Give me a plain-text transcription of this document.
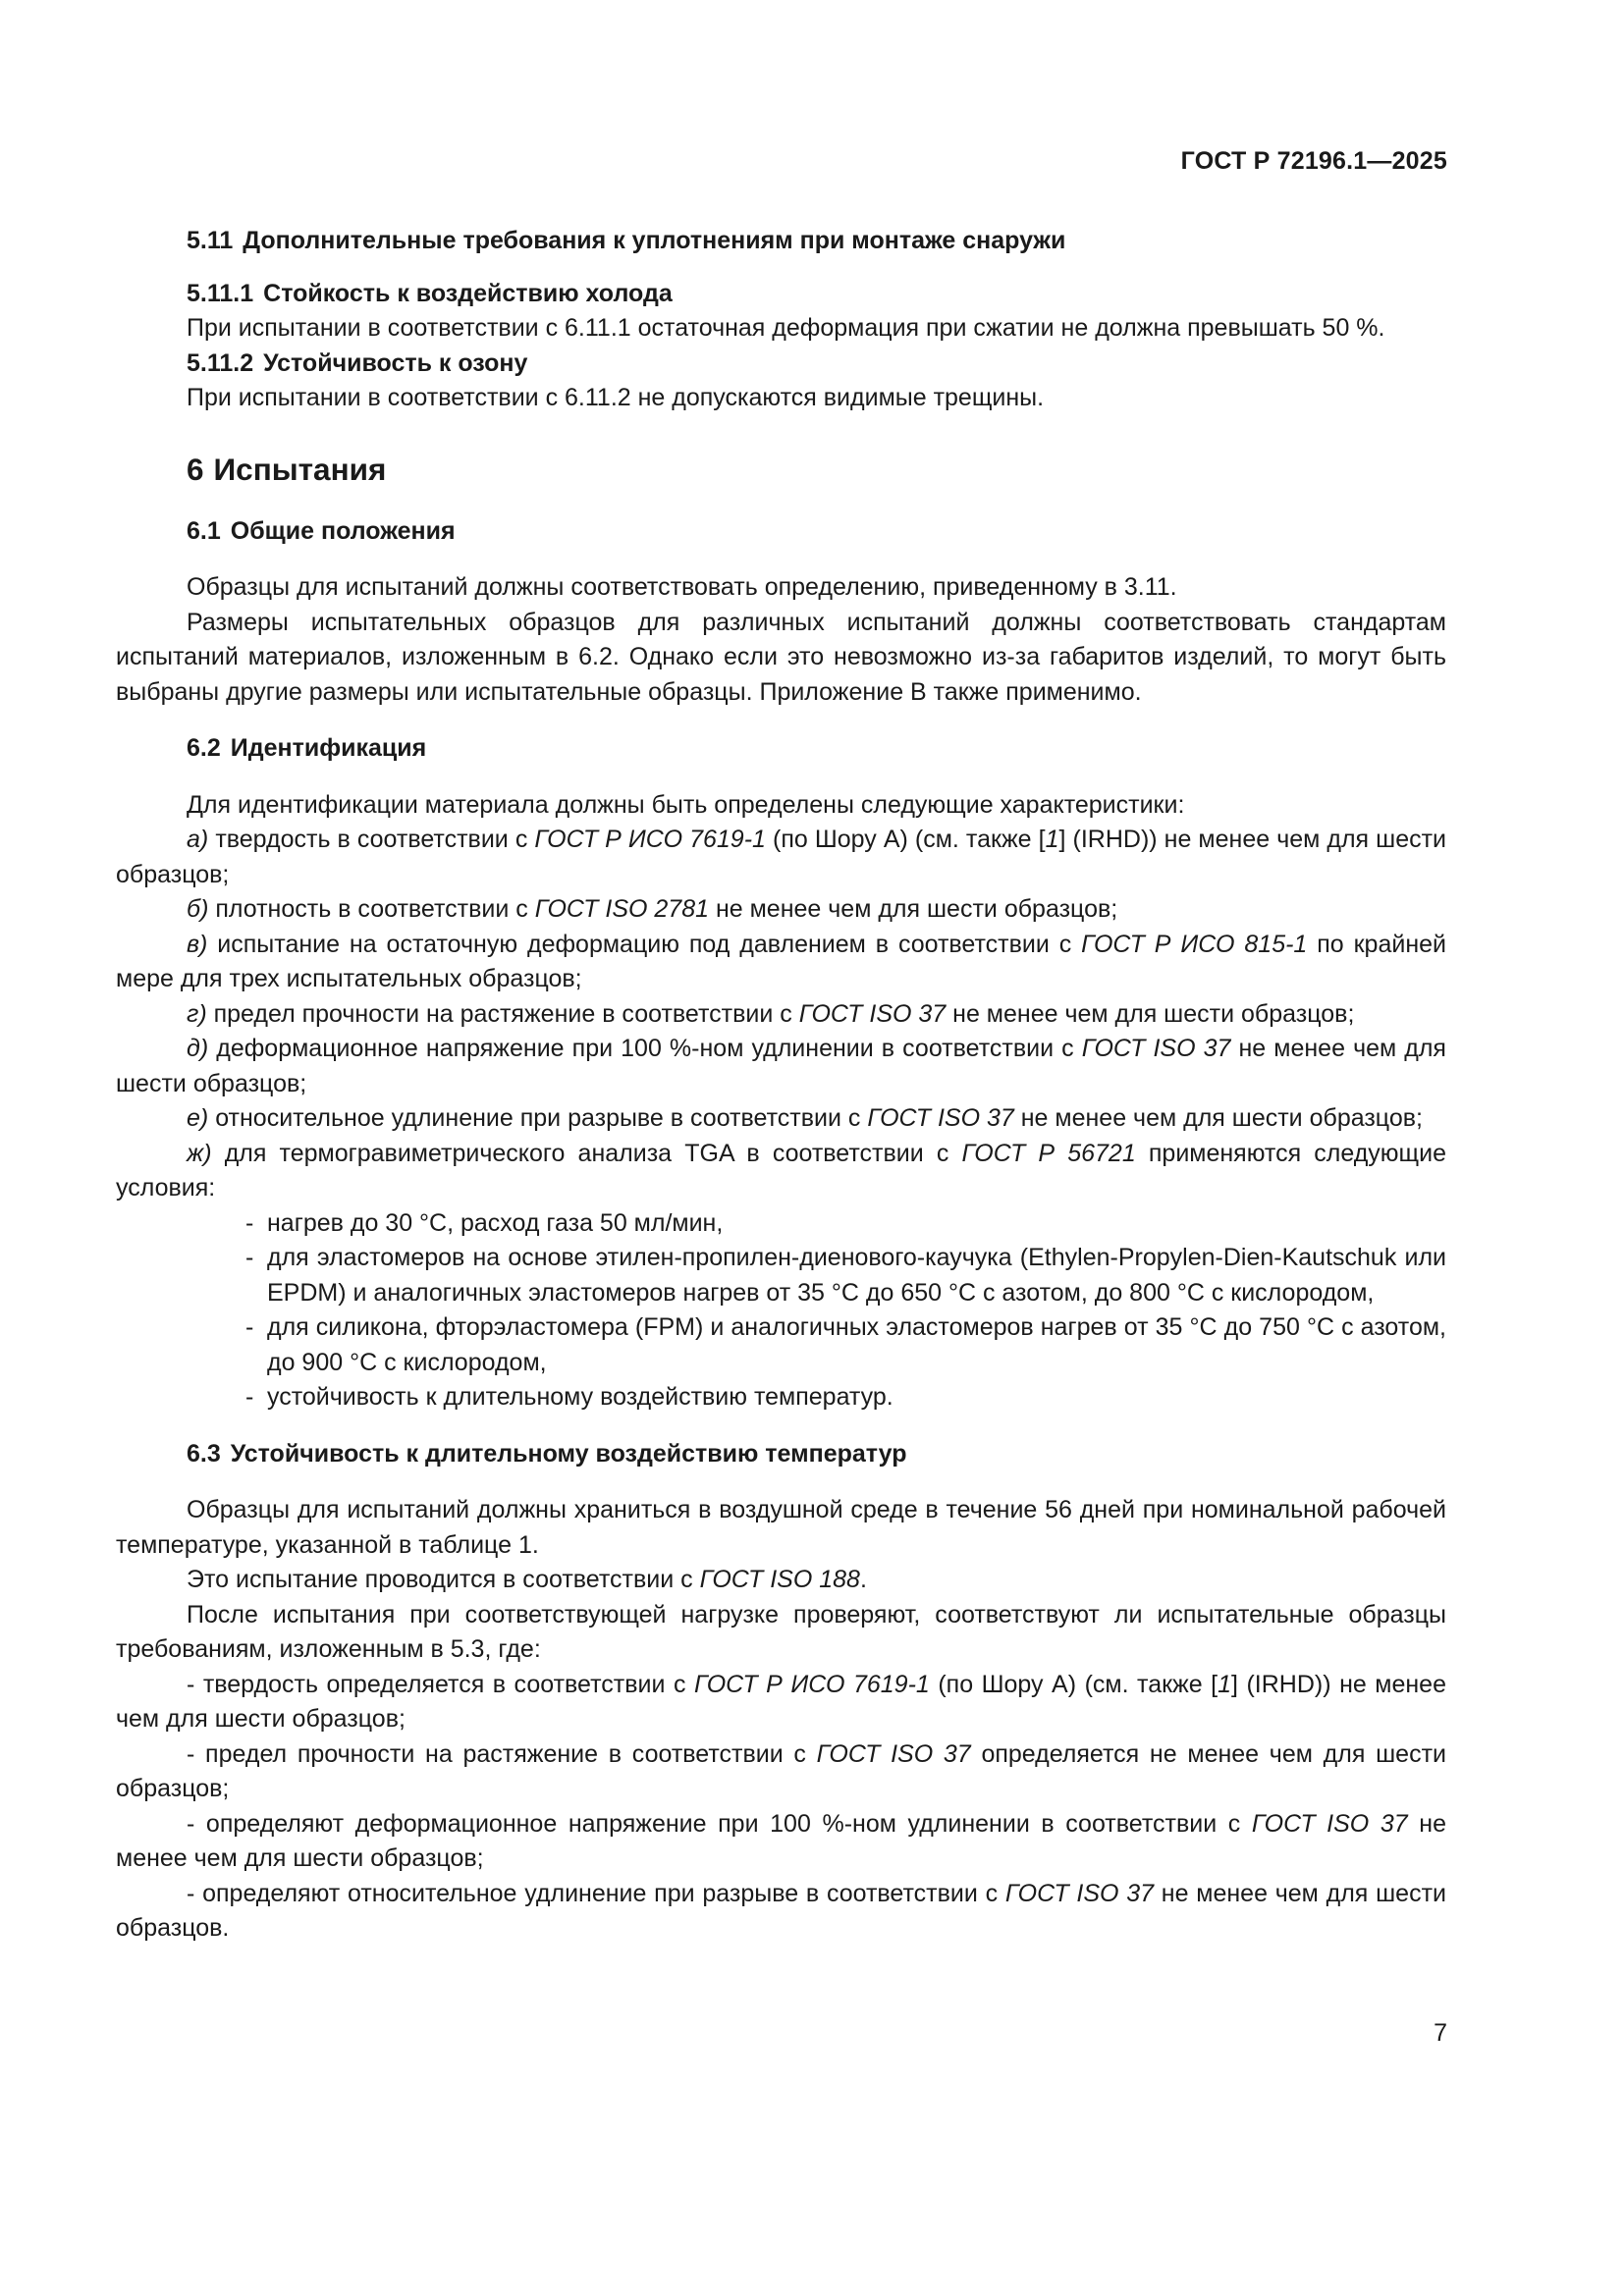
ГОСТ Р 72196.1—2025

5.11 Дополнительные требования к уплотнениям при монтаже снаружи

5.11.1 Стойкость к воздействию холода

При испытании в соответствии с 6.11.1 остаточная деформация при сжатии не должна превышать 50 %.

5.11.2 Устойчивость к озону

При испытании в соответствии с 6.11.2 не допускаются видимые трещины.

6 Испытания

6.1 Общие положения

Образцы для испытаний должны соответствовать определению, приведенному в 3.11.

Размеры испытательных образцов для различных испытаний должны соответствовать стандартам испытаний материалов, изложенным в 6.2. Однако если это невозможно из-за габаритов изделий, то могут быть выбраны другие размеры или испытательные образцы. Приложение В также применимо.

6.2 Идентификация

Для идентификации материала должны быть определены следующие характеристики:

а) твердость в соответствии с ГОСТ Р ИСО 7619-1 (по Шору А) (см. также [1] (IRHD)) не менее чем для шести образцов;

б) плотность в соответствии с ГОСТ ISO 2781 не менее чем для шести образцов;

в) испытание на остаточную деформацию под давлением в соответствии с ГОСТ Р ИСО 815-1 по крайней мере для трех испытательных образцов;

г) предел прочности на растяжение в соответствии с ГОСТ ISO 37 не менее чем для шести образцов;

д) деформационное напряжение при 100 %-ном удлинении в соответствии с ГОСТ ISO 37 не менее чем для шести образцов;

е) относительное удлинение при разрыве в соответствии с ГОСТ ISO 37 не менее чем для шести образцов;

ж) для термогравиметрического анализа TGA в соответствии с ГОСТ Р 56721 применяются следующие условия:

- нагрев до 30 °С, расход газа 50 мл/мин,

- для эластомеров на основе этилен-пропилен-диенового-каучука (Ethylen-Propylen-Dien-Kautschuk или EPDM) и аналогичных эластомеров нагрев от 35 °С до 650 °С с азотом, до 800 °С с кислородом,

- для силикона, фторэластомера (FPM) и аналогичных эластомеров нагрев от 35 °С до 750 °С с азотом, до 900 °С с кислородом,

- устойчивость к длительному воздействию температур.

6.3 Устойчивость к длительному воздействию температур

Образцы для испытаний должны храниться в воздушной среде в течение 56 дней при номинальной рабочей температуре, указанной в таблице 1.

Это испытание проводится в соответствии с ГОСТ ISO 188.

После испытания при соответствующей нагрузке проверяют, соответствуют ли испытательные образцы требованиям, изложенным в 5.3, где:

- твердость определяется в соответствии с ГОСТ Р ИСО 7619-1 (по Шору А) (см. также [1] (IRHD)) не менее чем для шести образцов;

- предел прочности на растяжение в соответствии с ГОСТ ISO 37 определяется не менее чем для шести образцов;

- определяют деформационное напряжение при 100 %-ном удлинении в соответствии с ГОСТ ISO 37 не менее чем для шести образцов;

- определяют относительное удлинение при разрыве в соответствии с ГОСТ ISO 37 не менее чем для шести образцов.

7
